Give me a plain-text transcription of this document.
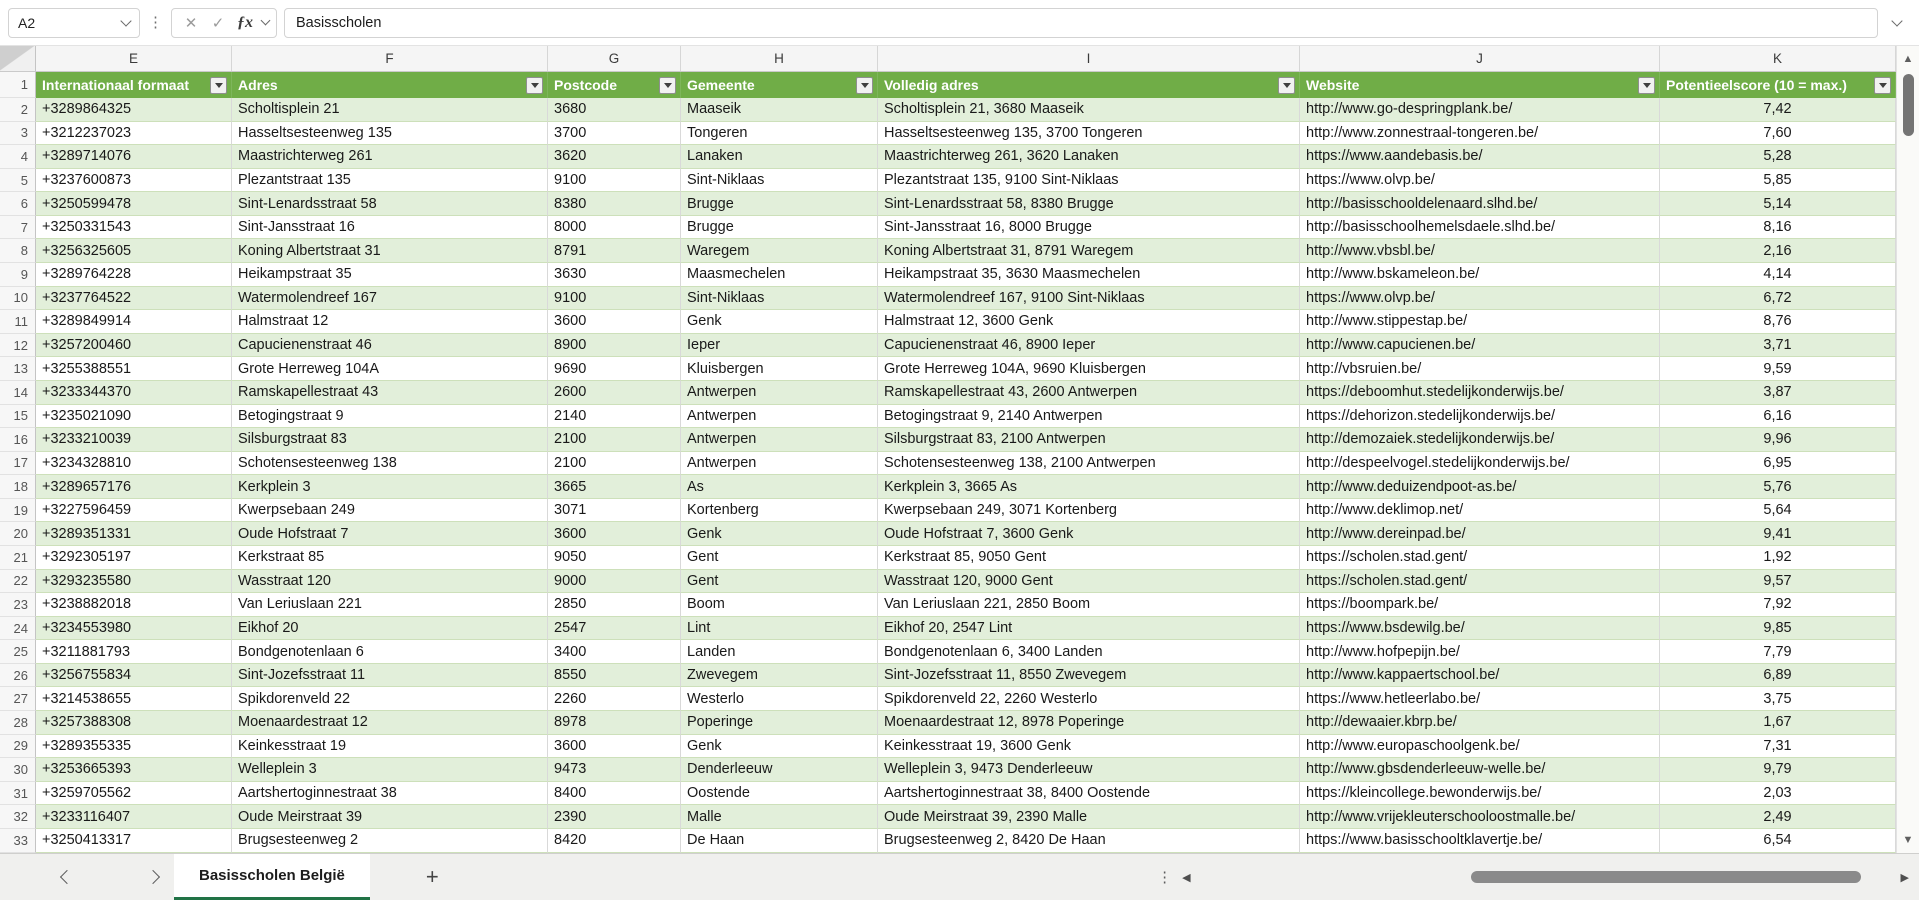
A2	⋮	✕ ✓ ƒx	Basisscholen
E	F	G	H	I	J	K
1	Internationaal formaat	Adres	Postcode	Gemeente	Volledig adres	Website	Potentieelscore (10 = max.)
2 +3289864325	Scholtisplein 21	3680	Maaseik	Scholtisplein 21, 3680 Maaseik	http://www.go-despringplank.be/	7,42
3 +3212237023	Hasseltsesteenweg 135	3700	Tongeren	Hasseltsesteenweg 135, 3700 Tongeren	http://www.zonnestraal-tongeren.be/	7,60
4 +3289714076	Maastrichterweg 261	3620	Lanaken	Maastrichterweg 261, 3620 Lanaken	https://www.aandebasis.be/	5,28
5 +3237600873	Plezantstraat 135	9100	Sint-Niklaas	Plezantstraat 135, 9100 Sint-Niklaas	https://www.olvp.be/	5,85
6 +3250599478	Sint-Lenardsstraat 58	8380	Brugge	Sint-Lenardsstraat 58, 8380 Brugge	http://basisschooldelenaard.slhd.be/	5,14
7 +3250331543	Sint-Jansstraat 16	8000	Brugge	Sint-Jansstraat 16, 8000 Brugge	http://basisschoolhemelsdaele.slhd.be/	8,16
8 +3256325605	Koning Albertstraat 31	8791	Waregem	Koning Albertstraat 31, 8791 Waregem	http://www.vbsbl.be/	2,16
9 +3289764228	Heikampstraat 35	3630	Maasmechelen	Heikampstraat 35, 3630 Maasmechelen	http://www.bskameleon.be/	4,14
10 +3237764522	Watermolendreef 167	9100	Sint-Niklaas	Watermolendreef 167, 9100 Sint-Niklaas	https://www.olvp.be/	6,72
11 +3289849914	Halmstraat 12	3600	Genk	Halmstraat 12, 3600 Genk	http://www.stippestap.be/	8,76
12 +3257200460	Capucienenstraat 46	8900	Ieper	Capucienenstraat 46, 8900 Ieper	http://www.capucienen.be/	3,71
13 +3255388551	Grote Herreweg 104A	9690	Kluisbergen	Grote Herreweg 104A, 9690 Kluisbergen	http://vbsruien.be/	9,59
14 +3233344370	Ramskapellestraat 43	2600	Antwerpen	Ramskapellestraat 43, 2600 Antwerpen	https://deboomhut.stedelijkonderwijs.be/	3,87
15 +3235021090	Betogingstraat 9	2140	Antwerpen	Betogingstraat 9, 2140 Antwerpen	https://dehorizon.stedelijkonderwijs.be/	6,16
16 +3233210039	Silsburgstraat 83	2100	Antwerpen	Silsburgstraat 83, 2100 Antwerpen	http://demozaiek.stedelijkonderwijs.be/	9,96
17 +3234328810	Schotensesteenweg 138	2100	Antwerpen	Schotensesteenweg 138, 2100 Antwerpen	http://despeelvogel.stedelijkonderwijs.be/	6,95
18 +3289657176	Kerkplein 3	3665	As	Kerkplein 3, 3665 As	http://www.deduizendpoot-as.be/	5,76
19 +3227596459	Kwerpsebaan 249	3071	Kortenberg	Kwerpsebaan 249, 3071 Kortenberg	http://www.deklimop.net/	5,64
20 +3289351331	Oude Hofstraat 7	3600	Genk	Oude Hofstraat 7, 3600 Genk	http://www.dereinpad.be/	9,41
21 +3292305197	Kerkstraat 85	9050	Gent	Kerkstraat 85, 9050 Gent	https://scholen.stad.gent/	1,92
22 +3293235580	Wasstraat 120	9000	Gent	Wasstraat 120, 9000 Gent	https://scholen.stad.gent/	9,57
23 +3238882018	Van Leriuslaan 221	2850	Boom	Van Leriuslaan 221, 2850 Boom	https://boompark.be/	7,92
24 +3234553980	Eikhof 20	2547	Lint	Eikhof 20, 2547 Lint	https://www.bsdewilg.be/	9,85
25 +3211881793	Bondgenotenlaan 6	3400	Landen	Bondgenotenlaan 6, 3400 Landen	http://www.hofpepijn.be/	7,79
26 +3256755834	Sint-Jozefsstraat 11	8550	Zwevegem	Sint-Jozefsstraat 11, 8550 Zwevegem	http://www.kappaertschool.be/	6,89
27 +3214538655	Spikdorenveld 22	2260	Westerlo	Spikdorenveld 22, 2260 Westerlo	https://www.hetleerlabo.be/	3,75
28 +3257388308	Moenaardestraat 12	8978	Poperinge	Moenaardestraat 12, 8978 Poperinge	http://dewaaier.kbrp.be/	1,67
29 +3289355335	Keinkesstraat 19	3600	Genk	Keinkesstraat 19, 3600 Genk	http://www.europaschoolgenk.be/	7,31
30 +3253665393	Welleplein 3	9473	Denderleeuw	Welleplein 3, 9473 Denderleeuw	http://www.gbsdenderleeuw-welle.be/	9,79
31 +3259705562	Aartshertoginnestraat 38	8400	Oostende	Aartshertoginnestraat 38, 8400 Oostende	https://kleincollege.bewonderwijs.be/	2,03
32 +3233116407	Oude Meirstraat 39	2390	Malle	Oude Meirstraat 39, 2390 Malle	http://www.vrijekleuterschooloostmalle.be/	2,49
33 +3250413317	Brugsesteenweg 2	8420	De Haan	Brugsesteenweg 2, 8420 De Haan	https://www.basisschooltklavertje.be/	6,54
▲
▼
Basisscholen België	+	⋮ ◀	▶
